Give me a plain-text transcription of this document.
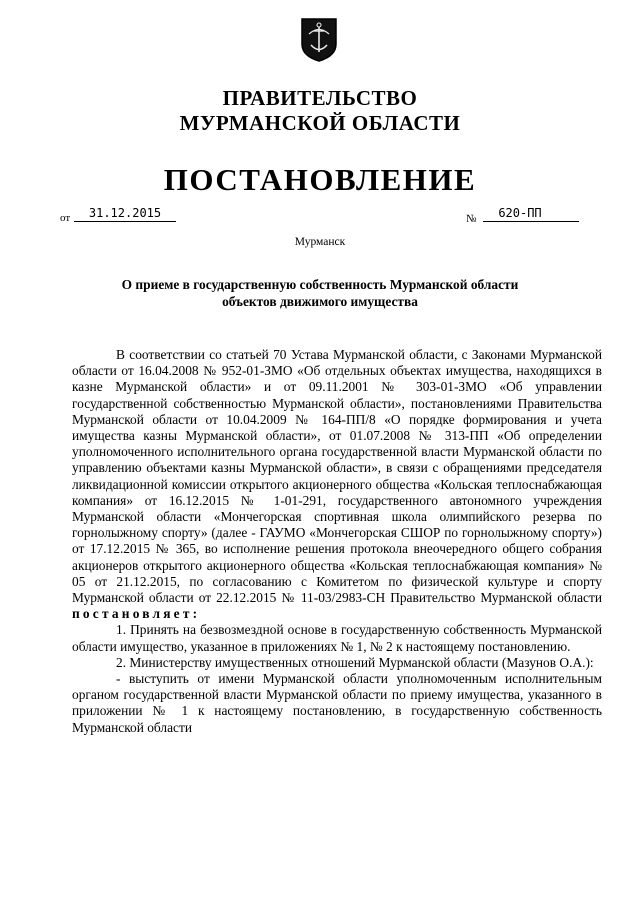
ПРАВИТЕЛЬСТВО
МУРМАНСКОЙ ОБЛАСТИ
ПОСТАНОВЛЕНИЕ
от	31.12.2015	№	620-ПП
Мурманск
О приеме в государственную собственность Мурманской области
объектов движимого имущества

В соответствии со статьей 70 Устава Мурманской области, с Законами Мурманской области от 16.04.2008 № 952-01-ЗМО «Об отдельных объектах имущества, находящихся в казне Мурманской области» и от 09.11.2001 № 303-01-ЗМО «Об управлении государственной собственностью Мурманской области», постановлениями Правительства Мурманской области от 10.04.2009 № 164-ПП/8 «О порядке формирования и учета имущества казны Мурманской области», от 01.07.2008 № 313-ПП «Об определении уполномоченного исполнительного органа государственной власти Мурманской области по управлению объектами казны Мурманской области», в связи с обращениями председателя ликвидационной комиссии открытого акционерного общества «Кольская теплоснабжающая компания» от 16.12.2015 № 1-01-291, государственного автономного учреждения Мурманской области «Мончегорская спортивная школа олимпийского резерва по горнолыжному спорту» (далее - ГАУМО «Мончегорская СШОР по горнолыжному спорту») от 17.12.2015 № 365, во исполнение решения протокола внеочередного общего собрания акционеров открытого акционерного общества «Кольская теплоснабжающая компания» № 05 от 21.12.2015, по согласованию с Комитетом по физической культуре и спорту Мурманской области от 22.12.2015 № 11-03/2983-СН Правительство Мурманской области

постановляет:

1. Принять на безвозмездной основе в государственную собственность Мурманской области имущество, указанное в приложениях № 1, № 2 к настоящему постановлению.

2. Министерству имущественных отношений Мурманской области (Мазунов О.А.):

- выступить от имени Мурманской области уполномоченным исполнительным органом государственной власти Мурманской области по приему имущества, указанного в приложении № 1 к настоящему постановлению, в государственную собственность Мурманской области
